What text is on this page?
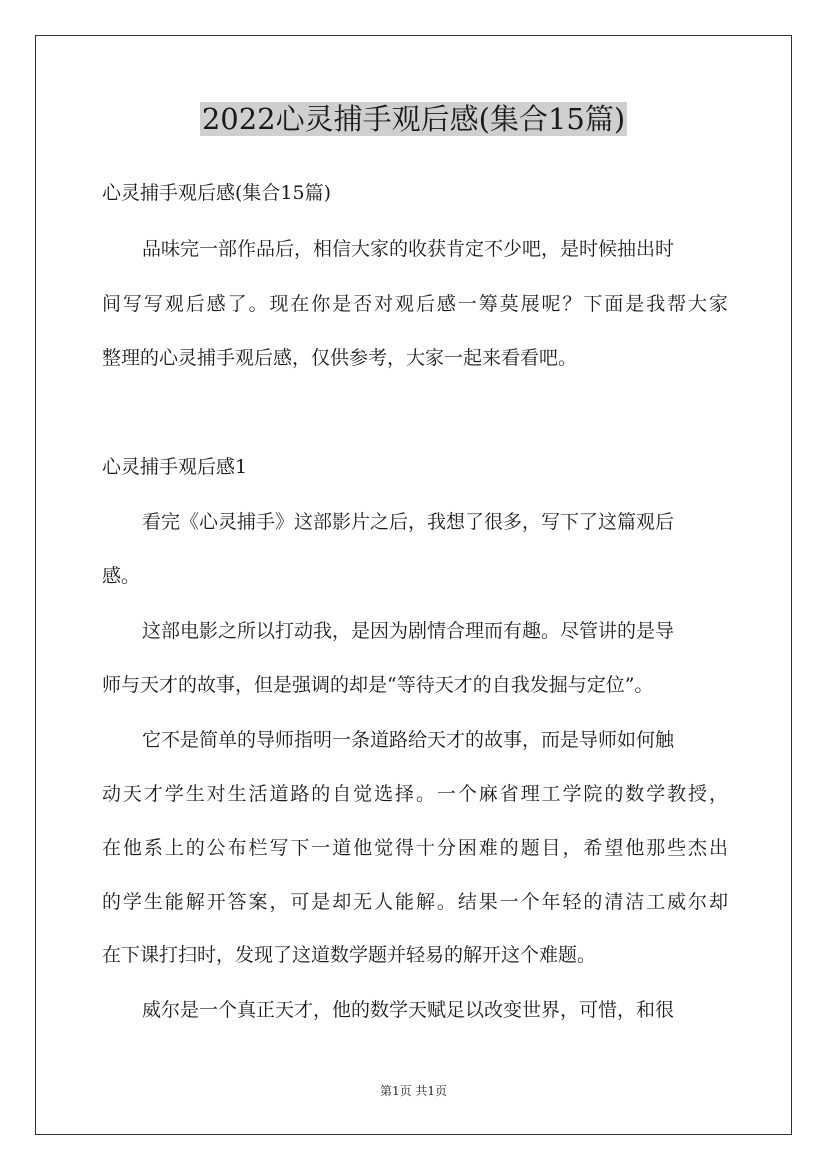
2022心灵捕手观后感(集合15篇)
心灵捕手观后感(集合15篇)
品味完一部作品后，相信大家的收获肯定不少吧，是时候抽出时
间写写观后感了。现在你是否对观后感一筹莫展呢？下面是我帮大家
整理的心灵捕手观后感，仅供参考，大家一起来看看吧。
心灵捕手观后感1
看完《心灵捕手》这部影片之后，我想了很多，写下了这篇观后
感。
这部电影之所以打动我，是因为剧情合理而有趣。尽管讲的是导
师与天才的故事，但是强调的却是“等待天才的自我发掘与定位”。
它不是简单的导师指明一条道路给天才的故事，而是导师如何触
动天才学生对生活道路的自觉选择。一个麻省理工学院的数学教授，
在他系上的公布栏写下一道他觉得十分困难的题目，希望他那些杰出
的学生能解开答案，可是却无人能解。结果一个年轻的清洁工威尔却
在下课打扫时，发现了这道数学题并轻易的解开这个难题。
威尔是一个真正天才，他的数学天赋足以改变世界，可惜，和很
第1页 共1页
